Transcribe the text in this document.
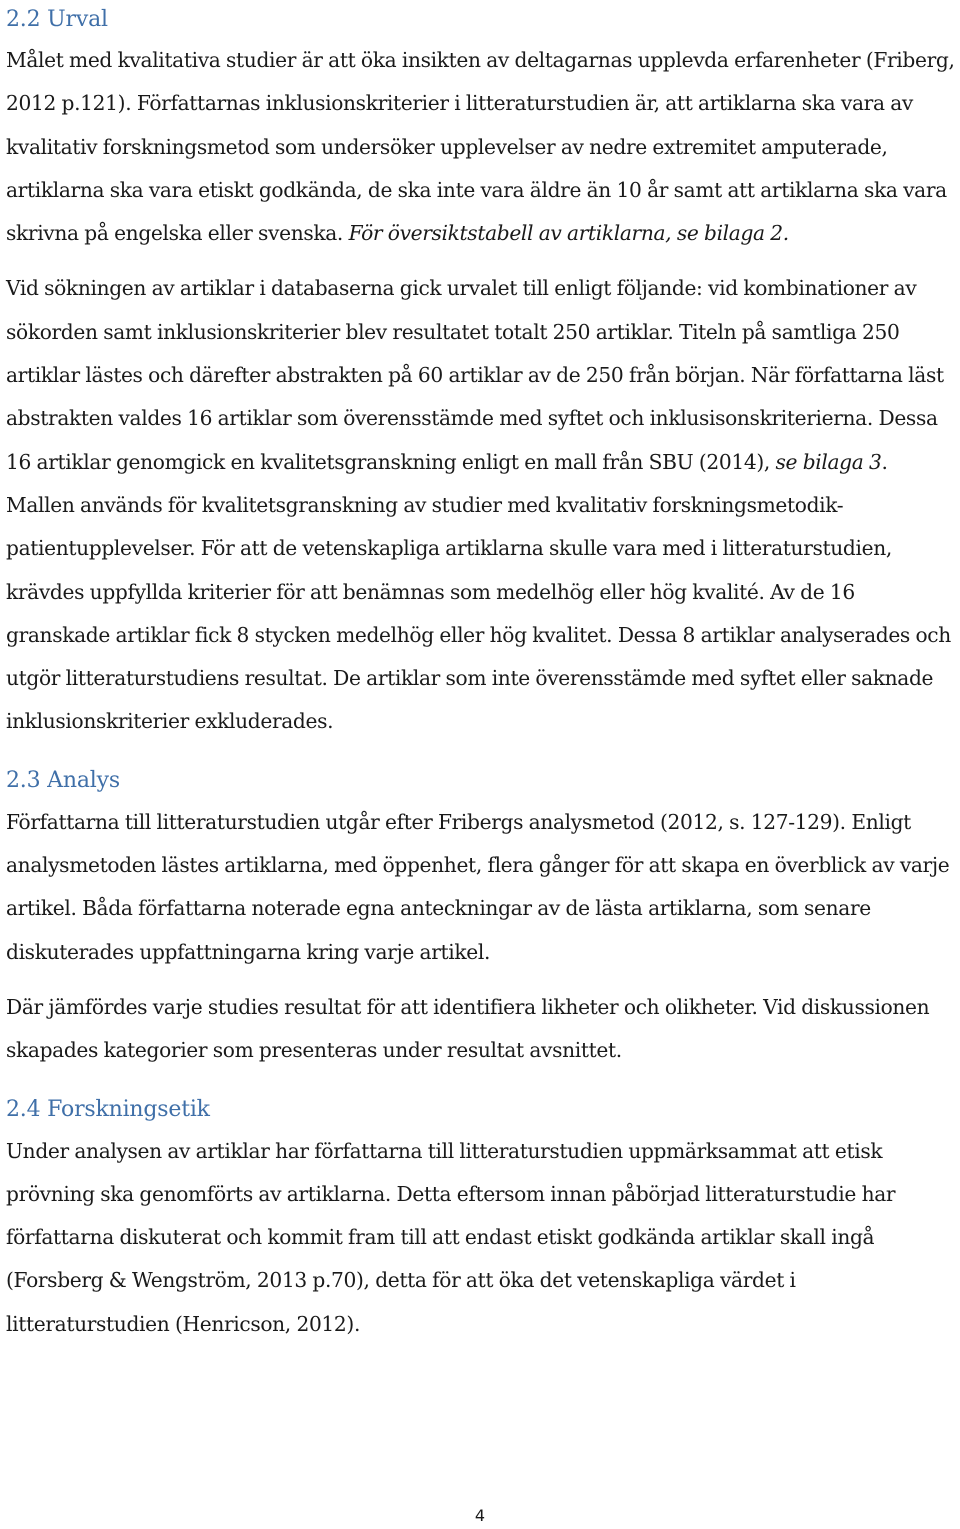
2.2 Urval

Målet med kvalitativa studier är att öka insikten av deltagarnas upplevda erfarenheter (Friberg, 2012 p.121). Författarnas inklusionskriterier i litteraturstudien är, att artiklarna ska vara av kvalitativ forskningsmetod som undersöker upplevelser av nedre extremitet amputerade, artiklarna ska vara etiskt godkända, de ska inte vara äldre än 10 år samt att artiklarna ska vara skrivna på engelska eller svenska. För översiktstabell av artiklarna, se bilaga 2.

Vid sökningen av artiklar i databaserna gick urvalet till enligt följande: vid kombinationer av sökorden samt inklusionskriterier blev resultatet totalt 250 artiklar. Titeln på samtliga 250 artiklar lästes och därefter abstrakten på 60 artiklar av de 250 från början. När författarna läst abstrakten valdes 16 artiklar som överensstämde med syftet och inklusisonskriterierna. Dessa 16 artiklar genomgick en kvalitetsgranskning enligt en mall från SBU (2014), se bilaga 3. Mallen används för kvalitetsgranskning av studier med kvalitativ forskningsmetodik- patientupplevelser. För att de vetenskapliga artiklarna skulle vara med i litteraturstudien, krävdes uppfyllda kriterier för att benämnas som medelhög eller hög kvalité. Av de 16 granskade artiklar fick 8 stycken medelhög eller hög kvalitet. Dessa 8 artiklar analyserades och utgör litteraturstudiens resultat. De artiklar som inte överensstämde med syftet eller saknade inklusionskriterier exkluderades.

2.3 Analys

Författarna till litteraturstudien utgår efter Fribergs analysmetod (2012, s. 127-129). Enligt analysmetoden lästes artiklarna, med öppenhet, flera gånger för att skapa en överblick av varje artikel. Båda författarna noterade egna anteckningar av de lästa artiklarna, som senare diskuterades uppfattningarna kring varje artikel.

Där jämfördes varje studies resultat för att identifiera likheter och olikheter. Vid diskussionen skapades kategorier som presenteras under resultat avsnittet.

2.4 Forskningsetik

Under analysen av artiklar har författarna till litteraturstudien uppmärksammat att etisk prövning ska genomförts av artiklarna. Detta eftersom innan påbörjad litteraturstudie har författarna diskuterat och kommit fram till att endast etiskt godkända artiklar skall ingå (Forsberg & Wengström, 2013 p.70), detta för att öka det vetenskapliga värdet i litteraturstudien (Henricson, 2012).

4
